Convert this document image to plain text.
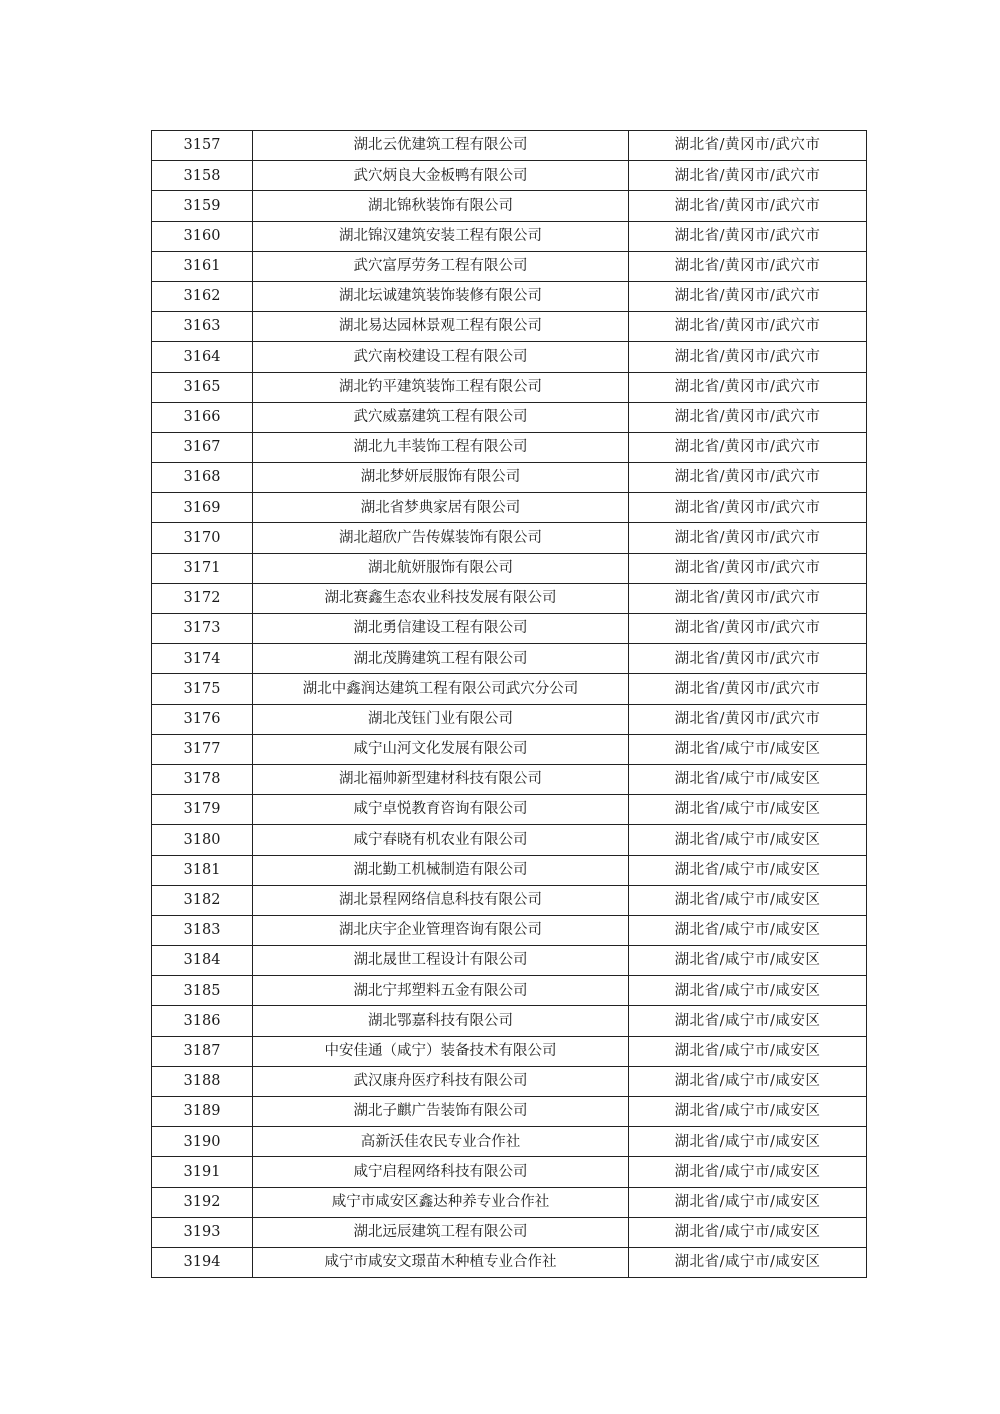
3157	湖北云优建筑工程有限公司	湖北省/黄冈市/武穴市
3158	武穴炳良大金板鸭有限公司	湖北省/黄冈市/武穴市
3159	湖北锦秋装饰有限公司	湖北省/黄冈市/武穴市
3160	湖北锦汉建筑安装工程有限公司	湖北省/黄冈市/武穴市
3161	武穴富厚劳务工程有限公司	湖北省/黄冈市/武穴市
3162	湖北坛诚建筑装饰装修有限公司	湖北省/黄冈市/武穴市
3163	湖北易达园林景观工程有限公司	湖北省/黄冈市/武穴市
3164	武穴南校建设工程有限公司	湖北省/黄冈市/武穴市
3165	湖北钓平建筑装饰工程有限公司	湖北省/黄冈市/武穴市
3166	武穴威嘉建筑工程有限公司	湖北省/黄冈市/武穴市
3167	湖北九丰装饰工程有限公司	湖北省/黄冈市/武穴市
3168	湖北梦妍辰服饰有限公司	湖北省/黄冈市/武穴市
3169	湖北省梦典家居有限公司	湖北省/黄冈市/武穴市
3170	湖北超欣广告传媒装饰有限公司	湖北省/黄冈市/武穴市
3171	湖北航妍服饰有限公司	湖北省/黄冈市/武穴市
3172	湖北赛鑫生态农业科技发展有限公司	湖北省/黄冈市/武穴市
3173	湖北勇信建设工程有限公司	湖北省/黄冈市/武穴市
3174	湖北茂腾建筑工程有限公司	湖北省/黄冈市/武穴市
3175	湖北中鑫润达建筑工程有限公司武穴分公司	湖北省/黄冈市/武穴市
3176	湖北茂钰门业有限公司	湖北省/黄冈市/武穴市
3177	咸宁山河文化发展有限公司	湖北省/咸宁市/咸安区
3178	湖北福帅新型建材科技有限公司	湖北省/咸宁市/咸安区
3179	咸宁卓悦教育咨询有限公司	湖北省/咸宁市/咸安区
3180	咸宁春晓有机农业有限公司	湖北省/咸宁市/咸安区
3181	湖北勤工机械制造有限公司	湖北省/咸宁市/咸安区
3182	湖北景程网络信息科技有限公司	湖北省/咸宁市/咸安区
3183	湖北庆宇企业管理咨询有限公司	湖北省/咸宁市/咸安区
3184	湖北晟世工程设计有限公司	湖北省/咸宁市/咸安区
3185	湖北宁邦塑料五金有限公司	湖北省/咸宁市/咸安区
3186	湖北鄂嘉科技有限公司	湖北省/咸宁市/咸安区
3187	中安佳通（咸宁）装备技术有限公司	湖北省/咸宁市/咸安区
3188	武汉康舟医疗科技有限公司	湖北省/咸宁市/咸安区
3189	湖北子麒广告装饰有限公司	湖北省/咸宁市/咸安区
3190	高新沃佳农民专业合作社	湖北省/咸宁市/咸安区
3191	咸宁启程网络科技有限公司	湖北省/咸宁市/咸安区
3192	咸宁市咸安区鑫达种养专业合作社	湖北省/咸宁市/咸安区
3193	湖北远辰建筑工程有限公司	湖北省/咸宁市/咸安区
3194	咸宁市咸安文璟苗木种植专业合作社	湖北省/咸宁市/咸安区
